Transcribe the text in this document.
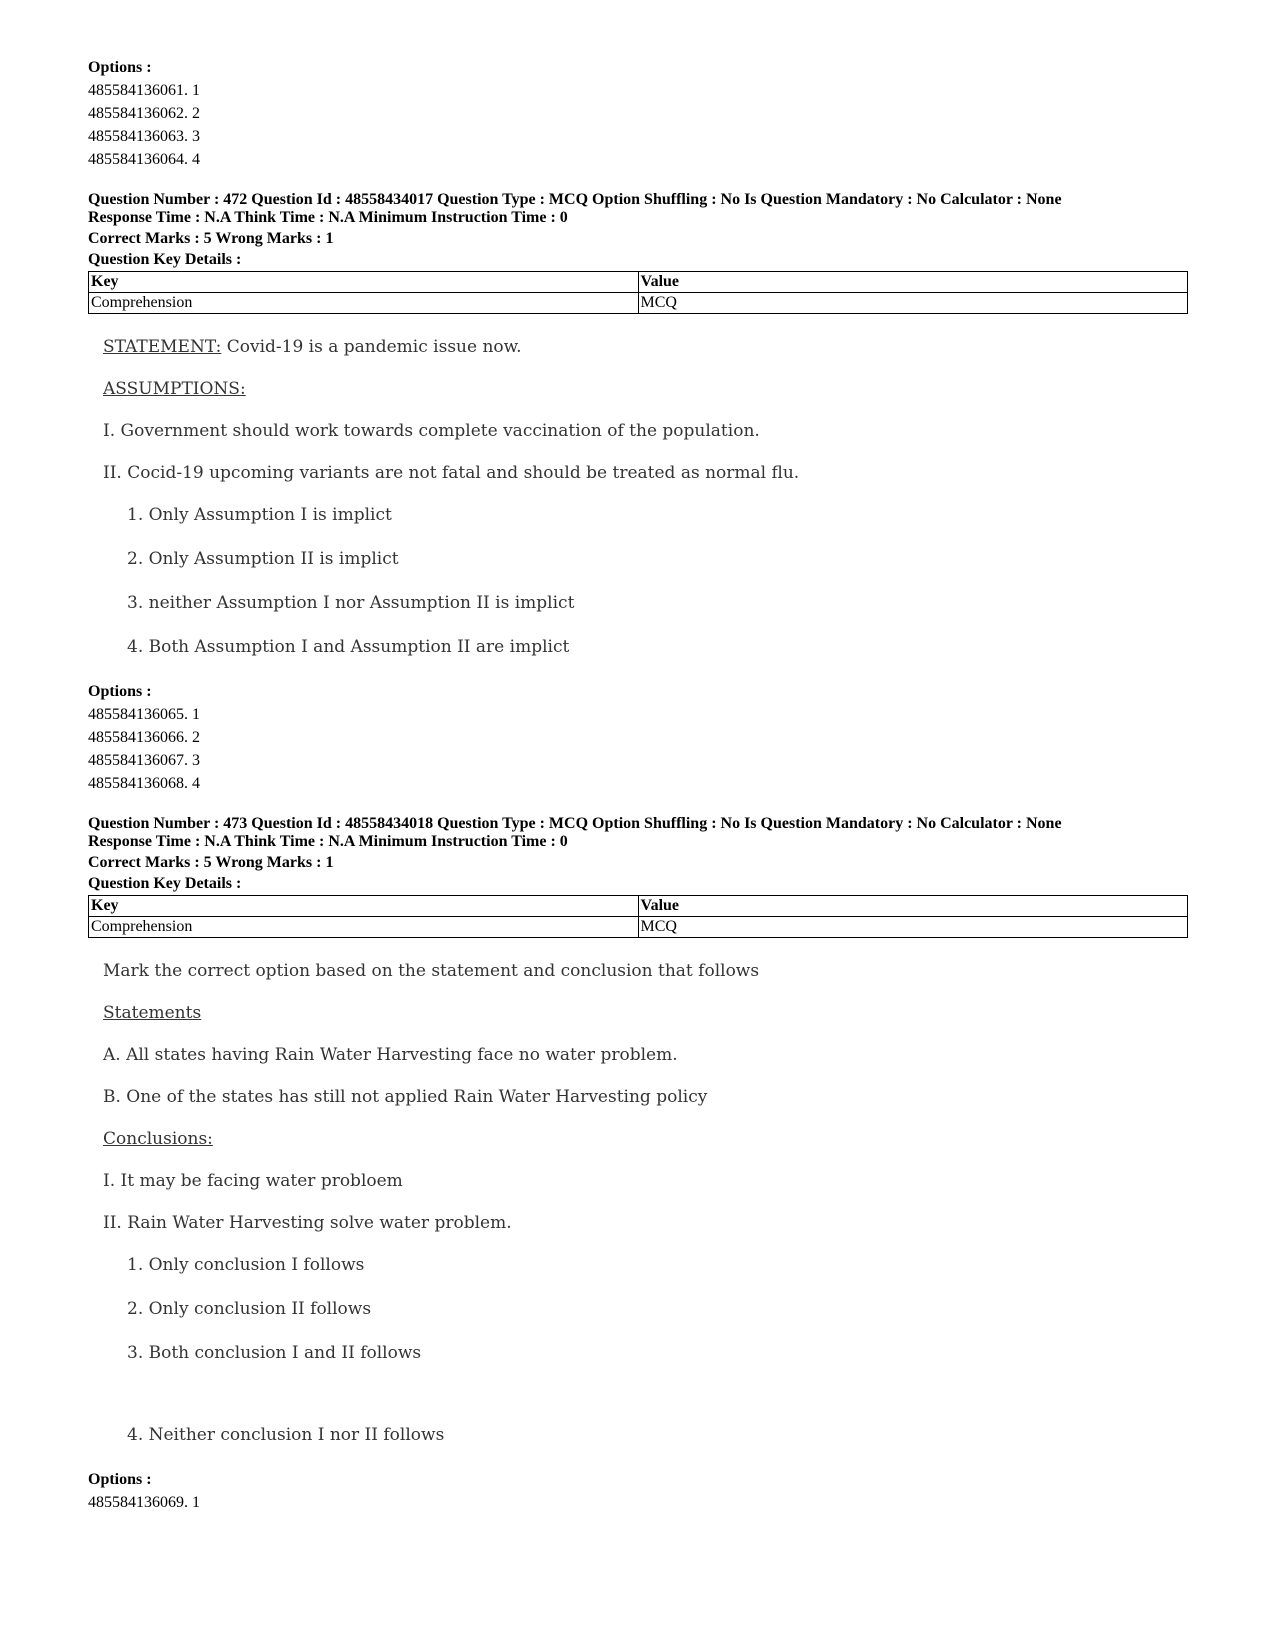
Options :

485584136061. 1

485584136062. 2

485584136063. 3

485584136064. 4

Question Number : 472 Question Id : 48558434017 Question Type : MCQ Option Shuffling : No Is Question Mandatory : No Calculator : None

Response Time : N.A Think Time : N.A Minimum Instruction Time : 0

Correct Marks : 5 Wrong Marks : 1

Question Key Details :

Key	Value
Comprehension	MCQ

STATEMENT: Covid-19 is a pandemic issue now.

ASSUMPTIONS:

I. Government should work towards complete vaccination of the population.

II. Cocid-19 upcoming variants are not fatal and should be treated as normal flu.

1. Only Assumption I is implict
2. Only Assumption II is implict
3. neither Assumption I nor Assumption II is implict
4. Both Assumption I and Assumption II are implict

Options :

485584136065. 1

485584136066. 2

485584136067. 3

485584136068. 4

Question Number : 473 Question Id : 48558434018 Question Type : MCQ Option Shuffling : No Is Question Mandatory : No Calculator : None

Response Time : N.A Think Time : N.A Minimum Instruction Time : 0

Correct Marks : 5 Wrong Marks : 1

Question Key Details :

Key	Value
Comprehension	MCQ

Mark the correct option based on the statement and conclusion that follows

Statements

A. All states having Rain Water Harvesting face no water problem.

B. One of the states has still not applied Rain Water Harvesting policy

Conclusions:

I. It may be facing water probloem

II. Rain Water Harvesting solve water problem.

1. Only conclusion I follows
2. Only conclusion II follows
3. Both conclusion I and II follows
4. Neither conclusion I nor II follows

Options :

485584136069. 1
